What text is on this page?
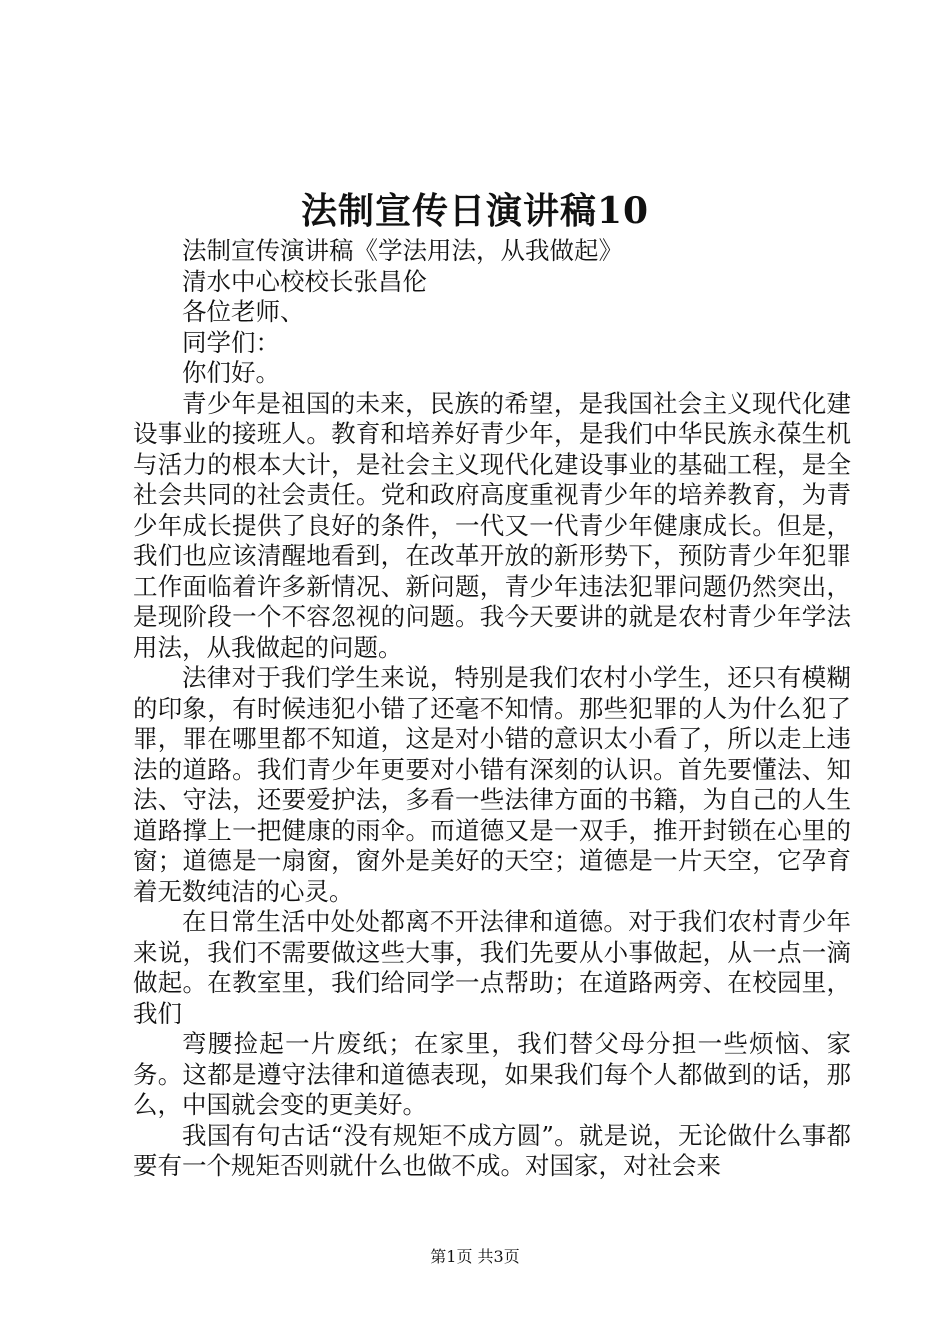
法制宣传日演讲稿10

法制宣传演讲稿《学法用法，从我做起》

清水中心校校长张昌伦

各位老师、

同学们：

你们好。

青少年是祖国的未来，民族的希望，是我国社会主义现代化建设事业的接班人。教育和培养好青少年，是我们中华民族永葆生机与活力的根本大计，是社会主义现代化建设事业的基础工程，是全社会共同的社会责任。党和政府高度重视青少年的培养教育，为青少年成长提供了良好的条件，一代又一代青少年健康成长。但是，我们也应该清醒地看到，在改革开放的新形势下，预防青少年犯罪工作面临着许多新情况、新问题，青少年违法犯罪问题仍然突出，是现阶段一个不容忽视的问题。我今天要讲的就是农村青少年学法用法，从我做起的问题。

法律对于我们学生来说，特别是我们农村小学生，还只有模糊的印象，有时候违犯小错了还毫不知情。那些犯罪的人为什么犯了罪，罪在哪里都不知道，这是对小错的意识太小看了，所以走上违法的道路。我们青少年更要对小错有深刻的认识。首先要懂法、知法、守法，还要爱护法，多看一些法律方面的书籍，为自己的人生道路撑上一把健康的雨伞。而道德又是一双手，推开封锁在心里的窗；道德是一扇窗，窗外是美好的天空；道德是一片天空，它孕育着无数纯洁的心灵。

在日常生活中处处都离不开法律和道德。对于我们农村青少年来说，我们不需要做这些大事，我们先要从小事做起，从一点一滴做起。在教室里，我们给同学一点帮助；在道路两旁、在校园里，我们

弯腰捡起一片废纸；在家里，我们替父母分担一些烦恼、家务。这都是遵守法律和道德表现，如果我们每个人都做到的话，那么，中国就会变的更美好。

我国有句古话“没有规矩不成方圆”。就是说，无论做什么事都要有一个规矩否则就什么也做不成。对国家，对社会来

第1页 共3页
